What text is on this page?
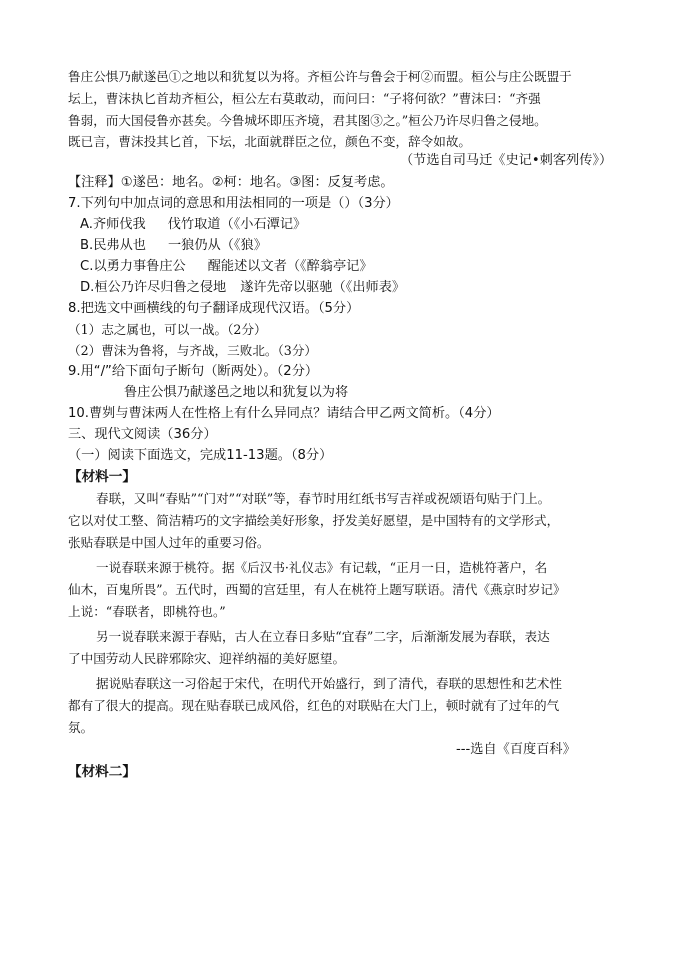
鲁庄公惧乃献遂邑①之地以和犹复以为将。齐桓公许与鲁会于柯②而盟。桓公与庄公既盟于
坛上，曹沫执匕首劫齐桓公，桓公左右莫敢动，而问曰：“子将何欲？”曹沫曰：“齐强
鲁弱，而大国侵鲁亦甚矣。今鲁城坏即压齐境，君其图③之。”桓公乃许尽归鲁之侵地。
既已言，曹沫投其匕首，下坛，北面就群臣之位，颜色不变，辞令如故。
（节选自司马迁《史记•刺客列传》）
【注释】①遂邑：地名。②柯：地名。③图：反复考虑。
7.下列句中加点词的意思和用法相同的一项是（）（3分）
A.齐师伐我 伐竹取道（《小石潭记》
B.民弗从也 一狼仍从（《狼》
C.以勇力事鲁庄公 醒能述以文者（《醉翁亭记》
D.桓公乃许尽归鲁之侵地 遂许先帝以驱驰（《出师表》
8.把选文中画横线的句子翻译成现代汉语。（5分）
（1）志之属也，可以一战。（2分）
（2）曹沫为鲁将，与齐战，三败北。（3分）
9.用“/”给下面句子断句（断两处）。（2分）
鲁庄公惧乃献遂邑之地以和犹复以为将
10.曹刿与曹沫两人在性格上有什么异同点？请结合甲乙两文简析。（4分）
三、现代文阅读（36分）
（一）阅读下面选文，完成11-13题。（8分）
【材料一】
春联，又叫“春贴”“门对”“对联”等，春节时用红纸书写吉祥或祝颂语句贴于门上。
它以对仗工整、简洁精巧的文字描绘美好形象，抒发美好愿望，是中国特有的文学形式，
张贴春联是中国人过年的重要习俗。
一说春联来源于桃符。据《后汉书·礼仪志》有记载，“正月一日，造桃符著户，名
仙木，百鬼所畏”。五代时，西蜀的宫廷里，有人在桃符上题写联语。清代《燕京时岁记》
上说：“春联者，即桃符也。”
另一说春联来源于春贴，古人在立春日多贴“宜春”二字，后渐渐发展为春联，表达
了中国劳动人民辟邪除灾、迎祥纳福的美好愿望。
据说贴春联这一习俗起于宋代，在明代开始盛行，到了清代，春联的思想性和艺术性
都有了很大的提高。现在贴春联已成风俗，红色的对联贴在大门上，顿时就有了过年的气
氛。
---选自《百度百科》
【材料二】
